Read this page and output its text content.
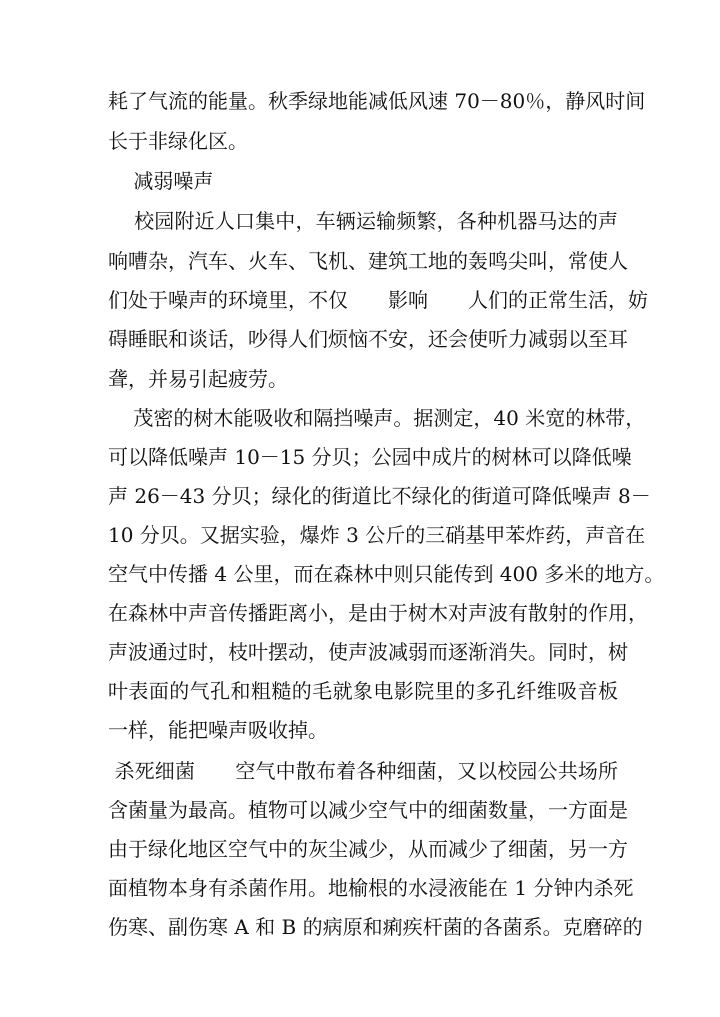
耗了气流的能量。秋季绿地能减低风速 70－80％，静风时间
长于非绿化区。
减弱噪声
校园附近人口集中，车辆运输频繁，各种机器马达的声
响嘈杂，汽车、火车、飞机、建筑工地的轰鸣尖叫，常使人
们处于噪声的环境里，不仅　　影响　　人们的正常生活，妨
碍睡眠和谈话，吵得人们烦恼不安，还会使听力减弱以至耳
聋，并易引起疲劳。
茂密的树木能吸收和隔挡噪声。据测定，40 米宽的林带，
可以降低噪声 10－15 分贝；公园中成片的树林可以降低噪
声 26－43 分贝；绿化的街道比不绿化的街道可降低噪声 8－
10 分贝。又据实验，爆炸 3 公斤的三硝基甲苯炸药，声音在
空气中传播 4 公里，而在森林中则只能传到 400 多米的地方。
在森林中声音传播距离小，是由于树木对声波有散射的作用，
声波通过时，枝叶摆动，使声波减弱而逐渐消失。同时，树
叶表面的气孔和粗糙的毛就象电影院里的多孔纤维吸音板
一样，能把噪声吸收掉。
杀死细菌　　空气中散布着各种细菌，又以校园公共场所
含菌量为最高。植物可以减少空气中的细菌数量，一方面是
由于绿化地区空气中的灰尘减少，从而减少了细菌，另一方
面植物本身有杀菌作用。地榆根的水浸液能在 1 分钟内杀死
伤寒、副伤寒 A 和 B 的病原和痢疾杆菌的各菌系。克磨碎的
